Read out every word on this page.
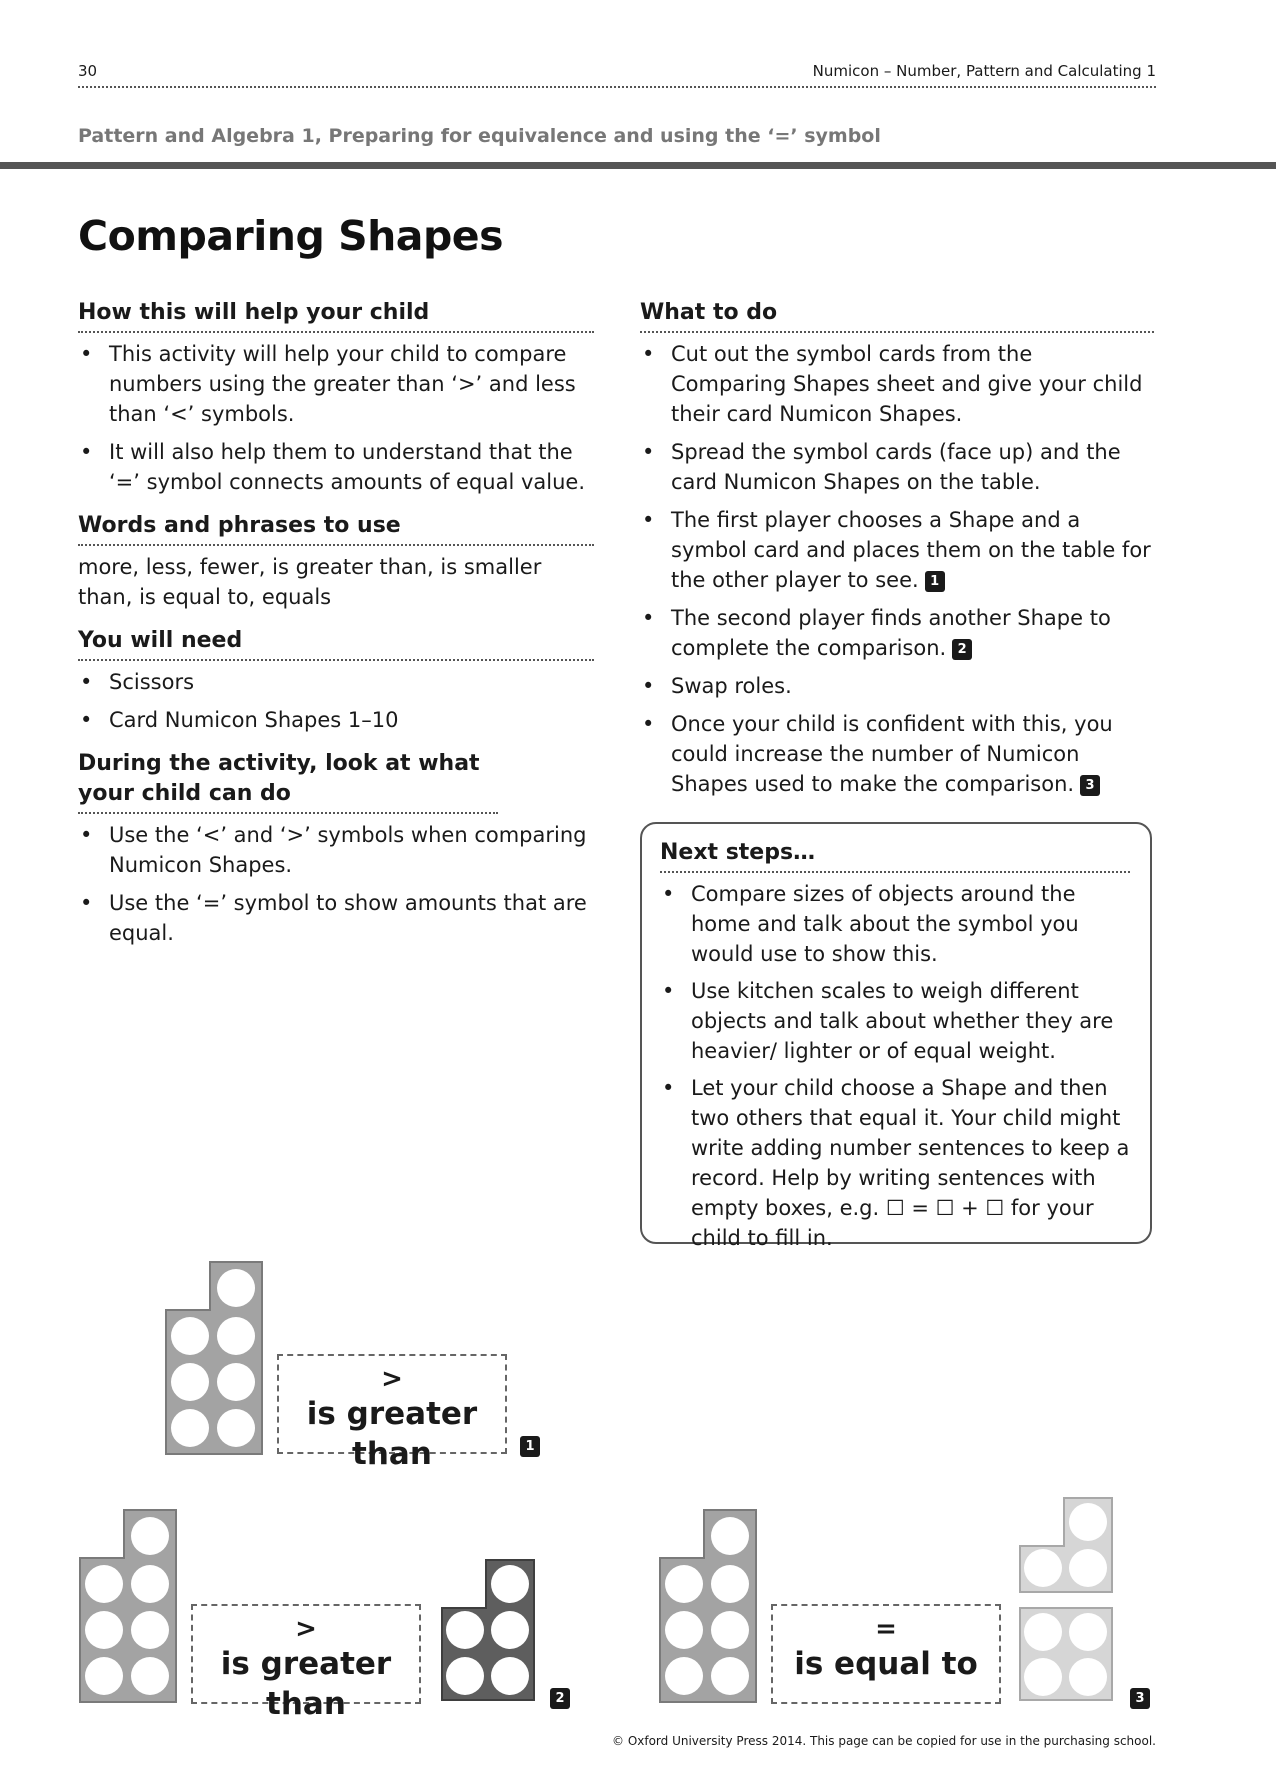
30	Numicon – Number, Pattern and Calculating 1
Pattern and Algebra 1, Preparing for equivalence and using the ‘=’ symbol
Comparing Shapes
How this will help your child
• This activity will help your child to compare numbers using the greater than ‘>’ and less than ‘<’ symbols.
• It will also help them to understand that the ‘=’ symbol connects amounts of equal value.
Words and phrases to use

more, less, fewer, is greater than, is smaller than, is equal to, equals

You will need
• Scissors
• Card Numicon Shapes 1–10
During the activity, look at what your child can do
• Use the ‘<’ and ‘>’ symbols when comparing Numicon Shapes.
• Use the ‘=’ symbol to show amounts that are equal.
What to do
• Cut out the symbol cards from the Comparing Shapes sheet and give your child their card Numicon Shapes.
• Spread the symbol cards (face up) and the card Numicon Shapes on the table.
• The first player chooses a Shape and a symbol card and places them on the table for the other player to see. 1
• The second player finds another Shape to complete the comparison. 2
• Swap roles.
• Once your child is confident with this, you could increase the number of Numicon Shapes used to make the comparison. 3
Next steps…
• Compare sizes of objects around the home and talk about the symbol you would use to show this.
• Use kitchen scales to weigh different objects and talk about whether they are heavier/ lighter or of equal weight.
• Let your child choose a Shape and then two others that equal it. Your child might write adding number sentences to keep a record. Help by writing sentences with empty boxes, e.g. ☐ = ☐ + ☐ for your child to fill in.
>
is greater than	1
>
is greater than	2
=
is equal to
3
© Oxford University Press 2014. This page can be copied for use in the purchasing school.
